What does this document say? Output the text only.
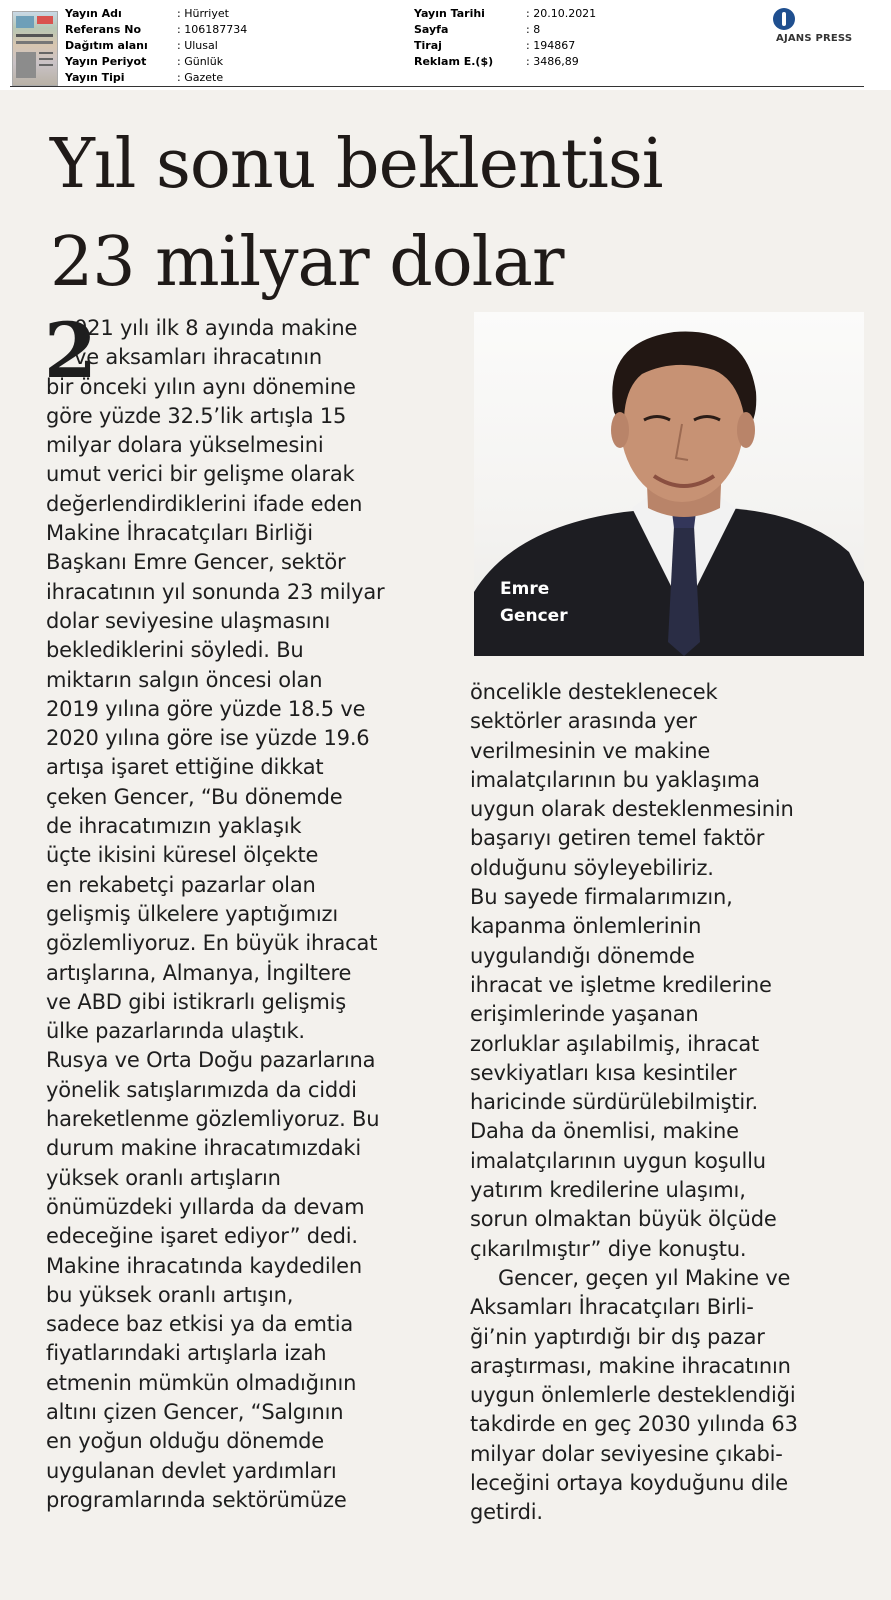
Yayın Adı	: Hürriyet
Referans No	: 106187734
Dağıtım alanı	: Ulusal
Yayın Periyot	: Günlük
Yayın Tipi	: Gazete
Yayın Tarihi	: 20.10.2021
Sayfa	: 8
Tiraj	: 194867
Reklam E.($)	: 3486,89
AJANS PRESS
Yıl sonu beklentisi
23 milyar dolar
2
021 yılı ilk 8 ayında makine
ve aksamları ihracatının
bir önceki yılın aynı dönemine
göre yüzde 32.5’lik artışla 15
milyar dolara yükselmesini
umut verici bir gelişme olarak
değerlendirdiklerini ifade eden
Makine İhracatçıları Birliği
Başkanı Emre Gencer, sektör
ihracatının yıl sonunda 23 milyar
dolar seviyesine ulaşmasını
beklediklerini söyledi. Bu
miktarın salgın öncesi olan
2019 yılına göre yüzde 18.5 ve
2020 yılına göre ise yüzde 19.6
artışa işaret ettiğine dikkat
çeken Gencer, “Bu dönemde
de ihracatımızın yaklaşık
üçte ikisini küresel ölçekte
en rekabetçi pazarlar olan
gelişmiş ülkelere yaptığımızı
gözlemliyoruz. En büyük ihracat
artışlarına, Almanya, İngiltere
ve ABD gibi istikrarlı gelişmiş
ülke pazarlarında ulaştık.
Rusya ve Orta Doğu pazarlarına
yönelik satışlarımızda da ciddi
hareketlenme gözlemliyoruz. Bu
durum makine ihracatımızdaki
yüksek oranlı artışların
önümüzdeki yıllarda da devam
edeceğine işaret ediyor” dedi.
Makine ihracatında kaydedilen
bu yüksek oranlı artışın,
sadece baz etkisi ya da emtia
fiyatlarındaki artışlarla izah
etmenin mümkün olmadığının
altını çizen Gencer, “Salgının
en yoğun olduğu dönemde
uygulanan devlet yardımları
programlarında sektörümüze
Emre
Gencer
öncelikle desteklenecek
sektörler arasında yer
verilmesinin ve makine
imalatçılarının bu yaklaşıma
uygun olarak desteklenmesinin
başarıyı getiren temel faktör
olduğunu söyleyebiliriz.
Bu sayede firmalarımızın,
kapanma önlemlerinin
uygulandığı dönemde
ihracat ve işletme kredilerine
erişimlerinde yaşanan
zorluklar aşılabilmiş, ihracat
sevkiyatları kısa kesintiler
haricinde sürdürülebilmiştir.
Daha da önemlisi, makine
imalatçılarının uygun koşullu
yatırım kredilerine ulaşımı,
sorun olmaktan büyük ölçüde
çıkarılmıştır” diye konuştu.
Gencer, geçen yıl Makine ve
Aksamları İhracatçıları Birli-
ği’nin yaptırdığı bir dış pazar
araştırması, makine ihracatının
uygun önlemlerle desteklendiği
takdirde en geç 2030 yılında 63
milyar dolar seviyesine çıkabi-
leceğini ortaya koyduğunu dile
getirdi.
